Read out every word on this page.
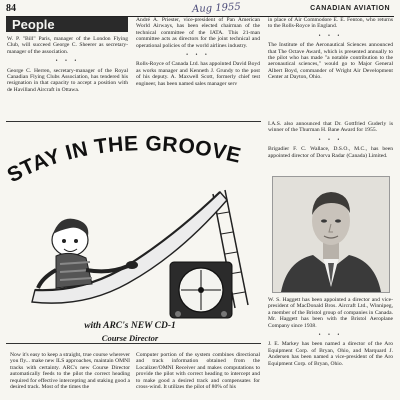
84	Aug 1955	CANADIAN AVIATION
People

W. P. "Bill" Paris, manager of the London Flying Club, will succeed George C. Sheerer as secretary-manager of the association.

• • •

George C. Herren, secretary-manager of the Royal Canadian Flying Clubs Association, has tendered his resignation in that capacity to accept a position with de Havilland Aircraft in Ottawa.

André A. Priester, vice-president of Pan American World Airways, has been elected chairman of the technical committee of the IATA. This 21-man committee acts as directors for the joint technical and operational policies of the world airlines industry.

• • •

Rolls-Royce of Canada Ltd. has appointed David Boyd as works manager and Kenneth J. Grundy to the post of his deputy. A. Maxwell Scott, formerly chief test engineer, has been named sales manager serv

in place of Air Commodore E. E. Fenton, who returns to the Rolls-Royce in England.

• • •

The Institute of the Aeronautical Sciences announced that The Octave Award, which is presented annually to the pilot who has made "a notable contribution to the aeronautical sciences," would go to Major General Albert Boyd, commander of Wright Air Development Center at Dayton, Ohio.

I.A.S. also announced that Dr. Gottfried Guderly is winner of the Thurman H. Bane Award for 1955.

• • •

Brigadier F. C. Wallace, D.S.O., M.C., has been appointed director of Dorva Radar (Canada) Limited.

W. S. Haggett has been appointed a director and vice-president of MacDonald Bros. Aircraft Ltd., Winnipeg, a member of the Bristol group of companies in Canada. Mr. Haggett has been with the Bristol Aeroplane Company since 1938.

• • •

J. E. Markey has been named a director of the Aro Equipment Corp. of Bryan, Ohio, and Marquard J. Andersen has been named a vice-president of the Aro Equipment Corp. of Bryan, Ohio.

STAY IN THE GROOVE
with ARC's NEW CD-1
Course Director
Now it's easy to keep a straight, true course wherever you fly... make new ILS approaches, maintain OMNI tracks with certainty. ARC's new Course Director automatically feeds to the pilot the correct heading required for effective intercepting and staking good a desired track. Most of the times the
Computer portion of the system combines directional and track information obtained from the Localizer/OMNI Receiver and makes computations to provide the pilot with correct heading to intercept and to make good a desired track and compensates for cross-wind. It utilizes the pilot of 80% of his
